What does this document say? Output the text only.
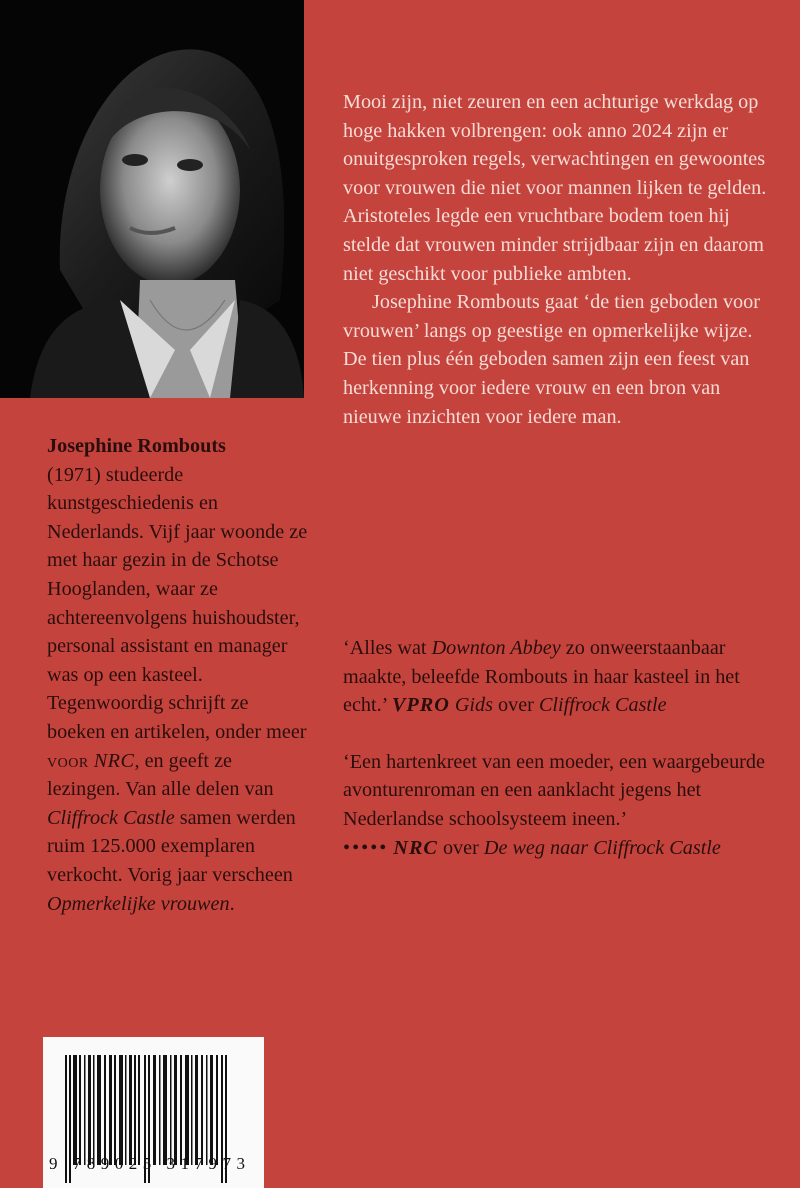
Josephine Rombouts
(1971) studeerde kunstgeschiedenis en Nederlands. Vijf jaar woonde ze met haar gezin in de Schotse Hooglanden, waar ze achtereenvolgens huishoudster, personal assistant en manager was op een kasteel. Tegenwoordig schrijft ze boeken en artikelen, onder meer voor NRC, en geeft ze lezingen. Van alle delen van Cliffrock Castle samen werden ruim 125.000 exemplaren verkocht. Vorig jaar verscheen Opmerkelijke vrouwen.

Mooi zijn, niet zeuren en een achturige werkdag op hoge hakken volbrengen: ook anno 2024 zijn er onuitgesproken regels, verwachtingen en gewoontes voor vrouwen die niet voor mannen lijken te gelden. Aristoteles legde een vruchtbare bodem toen hij stelde dat vrouwen minder strijdbaar zijn en daarom niet geschikt voor publieke ambten.

Josephine Rombouts gaat ‘de tien geboden voor vrouwen’ langs op geestige en opmerkelijke wijze. De tien plus één geboden samen zijn een feest van herkenning voor iedere vrouw en een bron van nieuwe inzichten voor iedere man.

‘Alles wat Downton Abbey zo onweerstaanbaar maakte, beleefde Rombouts in haar kasteel in het echt.’ VPRO Gids over Cliffrock Castle

‘Een hartenkreet van een moeder, een waargebeurde avonturenroman en een aanklacht jegens het Nederlandse schoolsysteem ineen.’
••••• NRC over De weg naar Cliffrock Castle

9 789025 317973
